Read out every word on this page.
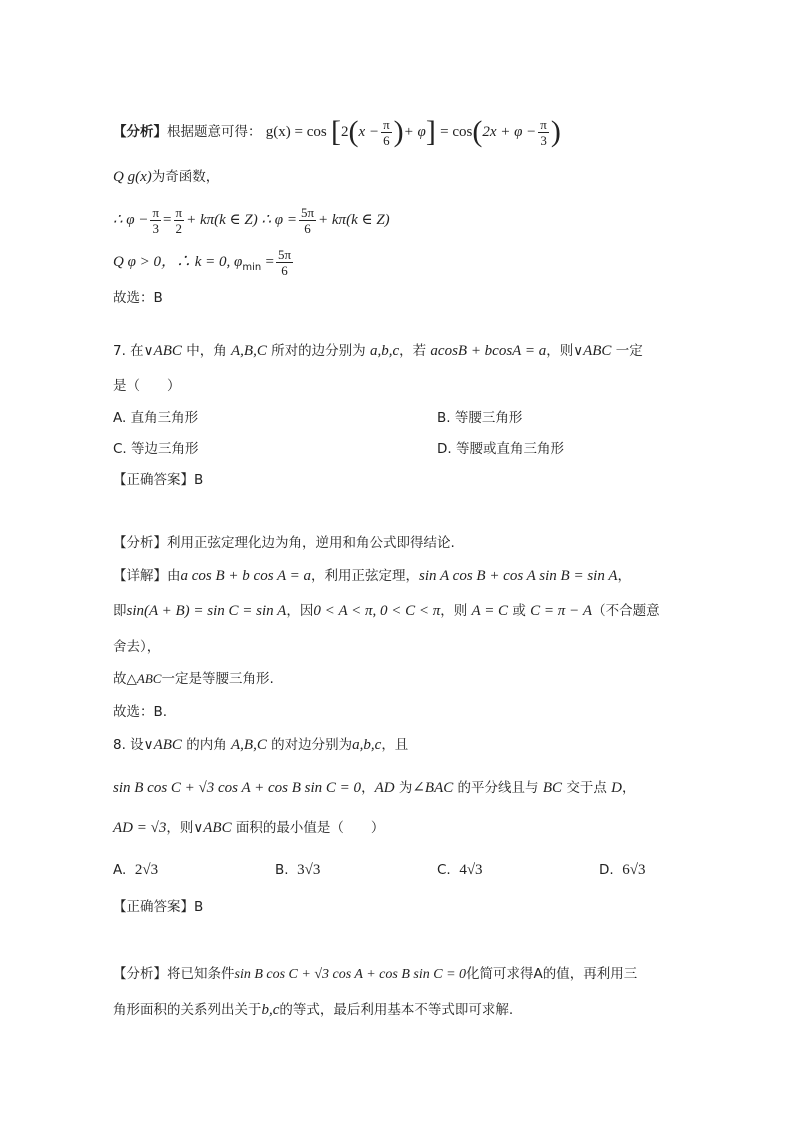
【分析】根据题意可得： $g(x) = \cos [2(x - \frac{\pi}{6}$ )+ $\varphi] = \cos(2x + \varphi - \frac{\pi}{3}$ )
Q g(x)为奇函数，
∴ $\varphi - \frac{\pi}{3} = \frac{\pi}{2} + k\pi(k$ ∈ Z) ∴ $\varphi = \frac{5\pi}{6} + k\pi(k$ ∈ Z)
Q φ > 0，∴ k = 0, $\varphi_{min} = \frac{5\pi}{6}$
故选：B
7. 在∨ABC 中，角 A,B,C 所对的边分别为 a,b,c，若 acosB + bcosA = a，则∨ABC 一定
是（　　）
A. 直角三角形	B. 等腰三角形
C. 等边三角形	D. 等腰或直角三角形
【正确答案】B
【分析】利用正弦定理化边为角，逆用和角公式即得结论.
【详解】由a cos B + b cos A = a，利用正弦定理，sin A cos B + cos A sin B = sin A，
即sin(A + B) = sin C = sin A，因0 < A < π, 0 < C < π，则 A = C 或 C = π − A（不合题意
舍去），
故△ABC一定是等腰三角形.
故选：B.
8. 设∨ABC 的内角 A,B,C 的对边分别为a,b,c，且
sin B cos C + √3 cos A + cos B sin C = 0，AD 为∠BAC 的平分线且与 BC 交于点 D，
AD = √3，则∨ABC 面积的最小值是（　　）
A. 2√3	B. 3√3	C. 4√3	D. 6√3
【正确答案】B
【分析】将已知条件sin B cos C + √3 cos A + cos B sin C = 0化简可求得A的值，再利用三
角形面积的关系列出关于b,c的等式，最后利用基本不等式即可求解.
